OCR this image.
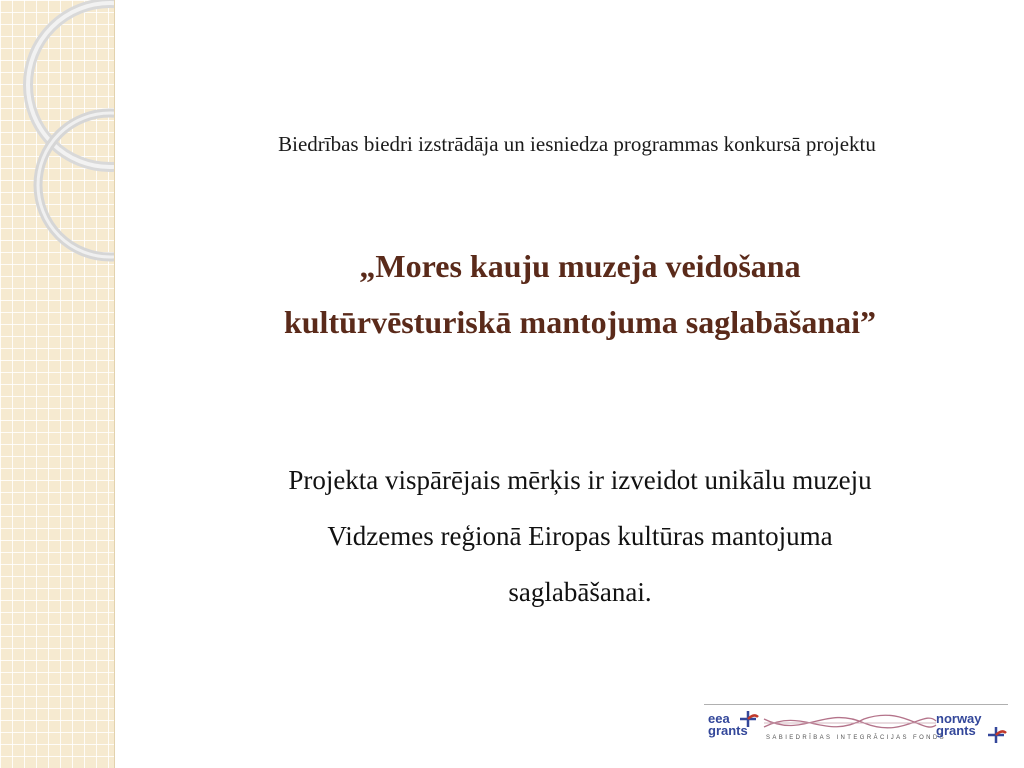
Biedrības biedri izstrādāja un iesniedza programmas konkursā projektu
„Mores kauju muzeja veidošana
kultūrvēsturiskā mantojuma saglabāšanai”
Projekta vispārējais mērķis ir izveidot unikālu muzeju
Vidzemes reģionā Eiropas kultūras mantojuma
saglabāšanai.
eea
grants	SABIEDRĪBAS INTEGRĀCIJAS FONDS
norway
grants
